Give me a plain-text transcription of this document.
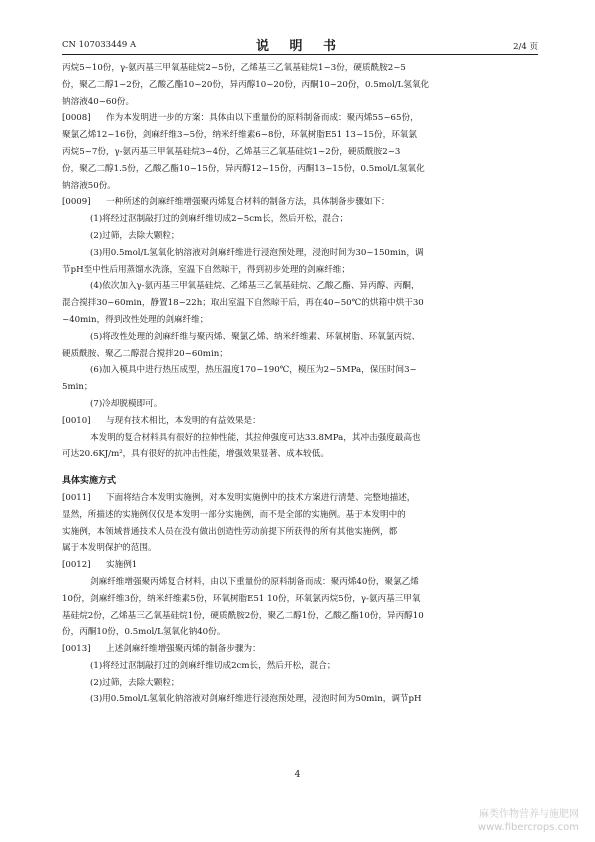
CN 107033449 A	说 明 书	2/4 页
丙烷5~10份，γ-氨丙基三甲氧基硅烷2~5份，乙烯基三乙氧基硅烷1~3份，硬质酰胺2~5
份，聚乙二醇1~2份，乙酸乙酯10~20份，异丙醇10~20份，丙酮10~20份，0.5mol/L氢氧化
钠溶液40~60份。
[0008] 作为本发明进一步的方案：具体由以下重量份的原料制备而成：聚丙烯55~65份，
聚氯乙烯12~16份，剑麻纤维3~5份，纳米纤维素6~8份，环氧树脂E51 13~15份，环氧氯
丙烷5~7份，γ-氨丙基三甲氧基硅烷3~4份，乙烯基三乙氧基硅烷1~2份，硬质酰胺2~3
份，聚乙二醇1.5份，乙酸乙酯10~15份，异丙醇12~15份，丙酮13~15份，0.5mol/L氢氧化
钠溶液50份。
[0009] 一种所述的剑麻纤维增强聚丙烯复合材料的制备方法，具体制备步骤如下：
(1)将经过沤制敲打过的剑麻纤维切成2~5cm长，然后开松，混合；
(2)过筛，去除大颗粒；
(3)用0.5mol/L氢氧化钠溶液对剑麻纤维进行浸泡预处理，浸泡时间为30~150min，调
节pH至中性后用蒸馏水洗涤，室温下自然晾干，得到初步处理的剑麻纤维；
(4)依次加入γ-氨丙基三甲氧基硅烷、乙烯基三乙氧基硅烷、乙酸乙酯、异丙醇、丙酮，
混合搅拌30~60min，静置18~22h；取出室温下自然晾干后，再在40~50℃的烘箱中烘干30
~40min，得到改性处理的剑麻纤维；
(5)将改性处理的剑麻纤维与聚丙烯、聚氯乙烯、纳米纤维素、环氧树脂、环氧氯丙烷、
硬质酰胺、聚乙二醇混合搅拌20~60min；
(6)加入模具中进行热压成型，热压温度170~190℃，模压为2~5MPa，保压时间3~
5min；
(7)冷却脱模即可。
[0010] 与现有技术相比，本发明的有益效果是：
本发明的复合材料具有很好的拉伸性能，其拉伸强度可达33.8MPa，其冲击强度最高也
可达20.6KJ/m²，具有很好的抗冲击性能，增强效果显著、成本较低。
具体实施方式
[0011] 下面将结合本发明实施例，对本发明实施例中的技术方案进行清楚、完整地描述，
显然，所描述的实施例仅仅是本发明一部分实施例，而不是全部的实施例。基于本发明中的
实施例，本领域普通技术人员在没有做出创造性劳动前提下所获得的所有其他实施例，都
属于本发明保护的范围。
[0012] 实施例1
剑麻纤维增强聚丙烯复合材料，由以下重量份的原料制备而成：聚丙烯40份，聚氯乙烯
10份，剑麻纤维3份，纳米纤维素5份，环氧树脂E51 10份，环氧氯丙烷5份，γ-氨丙基三甲氧
基硅烷2份，乙烯基三乙氧基硅烷1份，硬质酰胺2份，聚乙二醇1份，乙酸乙酯10份，异丙醇10
份，丙酮10份，0.5mol/L氢氧化钠40份。
[0013] 上述剑麻纤维增强聚丙烯的制备步骤为：
(1)将经过沤制敲打过的剑麻纤维切成2cm长，然后开松，混合；
(2)过筛，去除大颗粒；
(3)用0.5mol/L氢氧化钠溶液对剑麻纤维进行浸泡预处理，浸泡时间为50min，调节pH
4
麻类作物营养与施肥网
www.fibercrops.com
